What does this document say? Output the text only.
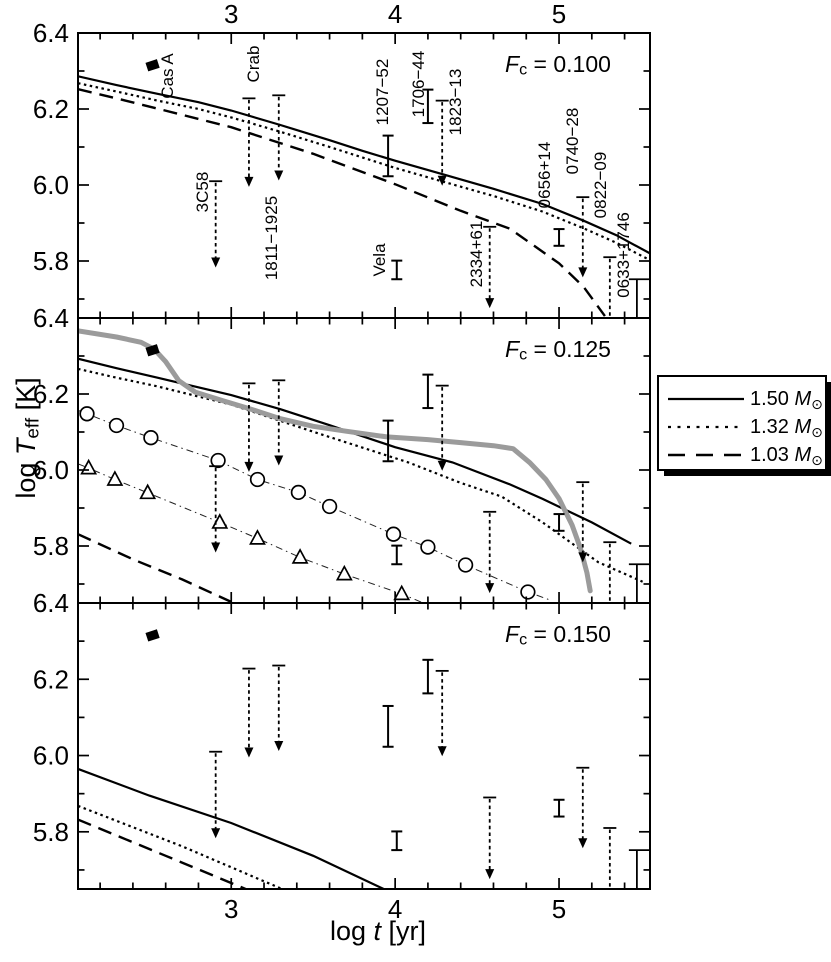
Cas A
3C58
Crab
1811−1925
1207−52
Vela
1706−44 1823−13
2334+61
0656+14
0740−28
0822−09
0633+1746
6.4
6.2
6.0
5.8
$F_c = 0.100$
6.4
6.2
6.0
5.8
$F_c = 0.125$
6.4
6.2
6.0
5.8
$F_c = 0.150$
3
3
4
4
5
5
log t [yr]
$\log T_{eff}$ [K]	1.50 $M_⊙$
1.32 $M_⊙$
1.03 $M_⊙$
